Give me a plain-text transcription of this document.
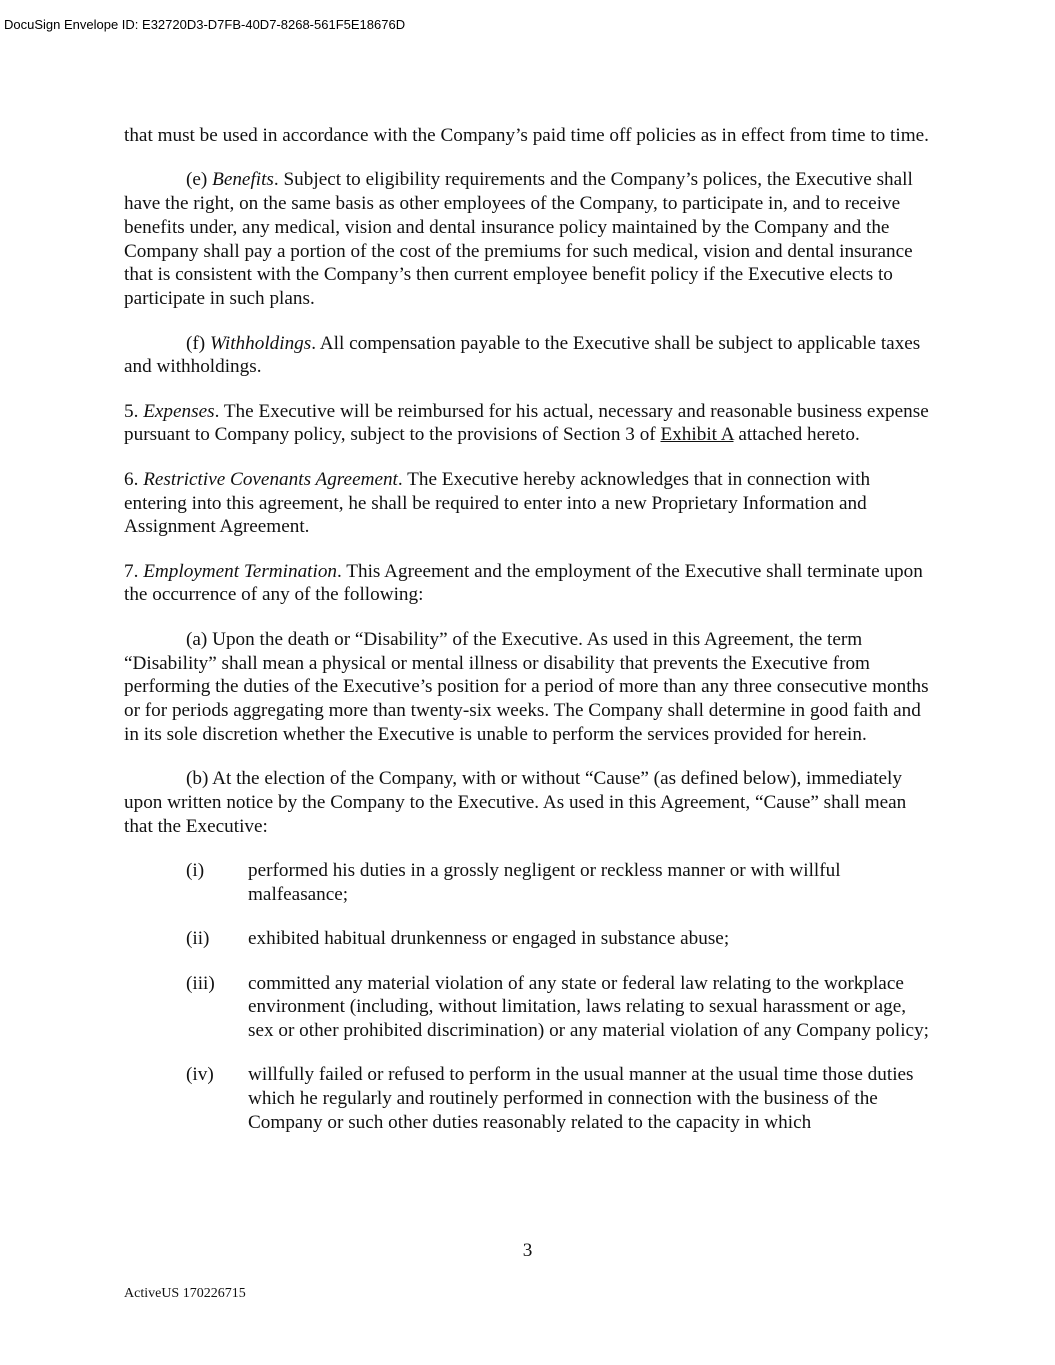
DocuSign Envelope ID: E32720D3-D7FB-40D7-8268-561F5E18676D

that must be used in accordance with the Company’s paid time off policies as in effect from time to time.

(e) Benefits. Subject to eligibility requirements and the Company’s polices, the Executive shall have the right, on the same basis as other employees of the Company, to participate in, and to receive benefits under, any medical, vision and dental insurance policy maintained by the Company and the Company shall pay a portion of the cost of the premiums for such medical, vision and dental insurance that is consistent with the Company’s then current employee benefit policy if the Executive elects to participate in such plans.

(f) Withholdings. All compensation payable to the Executive shall be subject to applicable taxes and withholdings.

5. Expenses. The Executive will be reimbursed for his actual, necessary and reasonable business expense pursuant to Company policy, subject to the provisions of Section 3 of Exhibit A attached hereto.

6. Restrictive Covenants Agreement. The Executive hereby acknowledges that in connection with entering into this agreement, he shall be required to enter into a new Proprietary Information and Assignment Agreement.

7. Employment Termination. This Agreement and the employment of the Executive shall terminate upon the occurrence of any of the following:

(a) Upon the death or “Disability” of the Executive. As used in this Agreement, the term “Disability” shall mean a physical or mental illness or disability that prevents the Executive from performing the duties of the Executive’s position for a period of more than any three consecutive months or for periods aggregating more than twenty-six weeks. The Company shall determine in good faith and in its sole discretion whether the Executive is unable to perform the services provided for herein.

(b) At the election of the Company, with or without “Cause” (as defined below), immediately upon written notice by the Company to the Executive. As used in this Agreement, “Cause” shall mean that the Executive:

(i) performed his duties in a grossly negligent or reckless manner or with willful malfeasance;
(ii) exhibited habitual drunkenness or engaged in substance abuse;
(iii) committed any material violation of any state or federal law relating to the workplace environment (including, without limitation, laws relating to sexual harassment or age, sex or other prohibited discrimination) or any material violation of any Company policy;
(iv) willfully failed or refused to perform in the usual manner at the usual time those duties which he regularly and routinely performed in connection with the business of the Company or such other duties reasonably related to the capacity in which
3
ActiveUS 170226715
